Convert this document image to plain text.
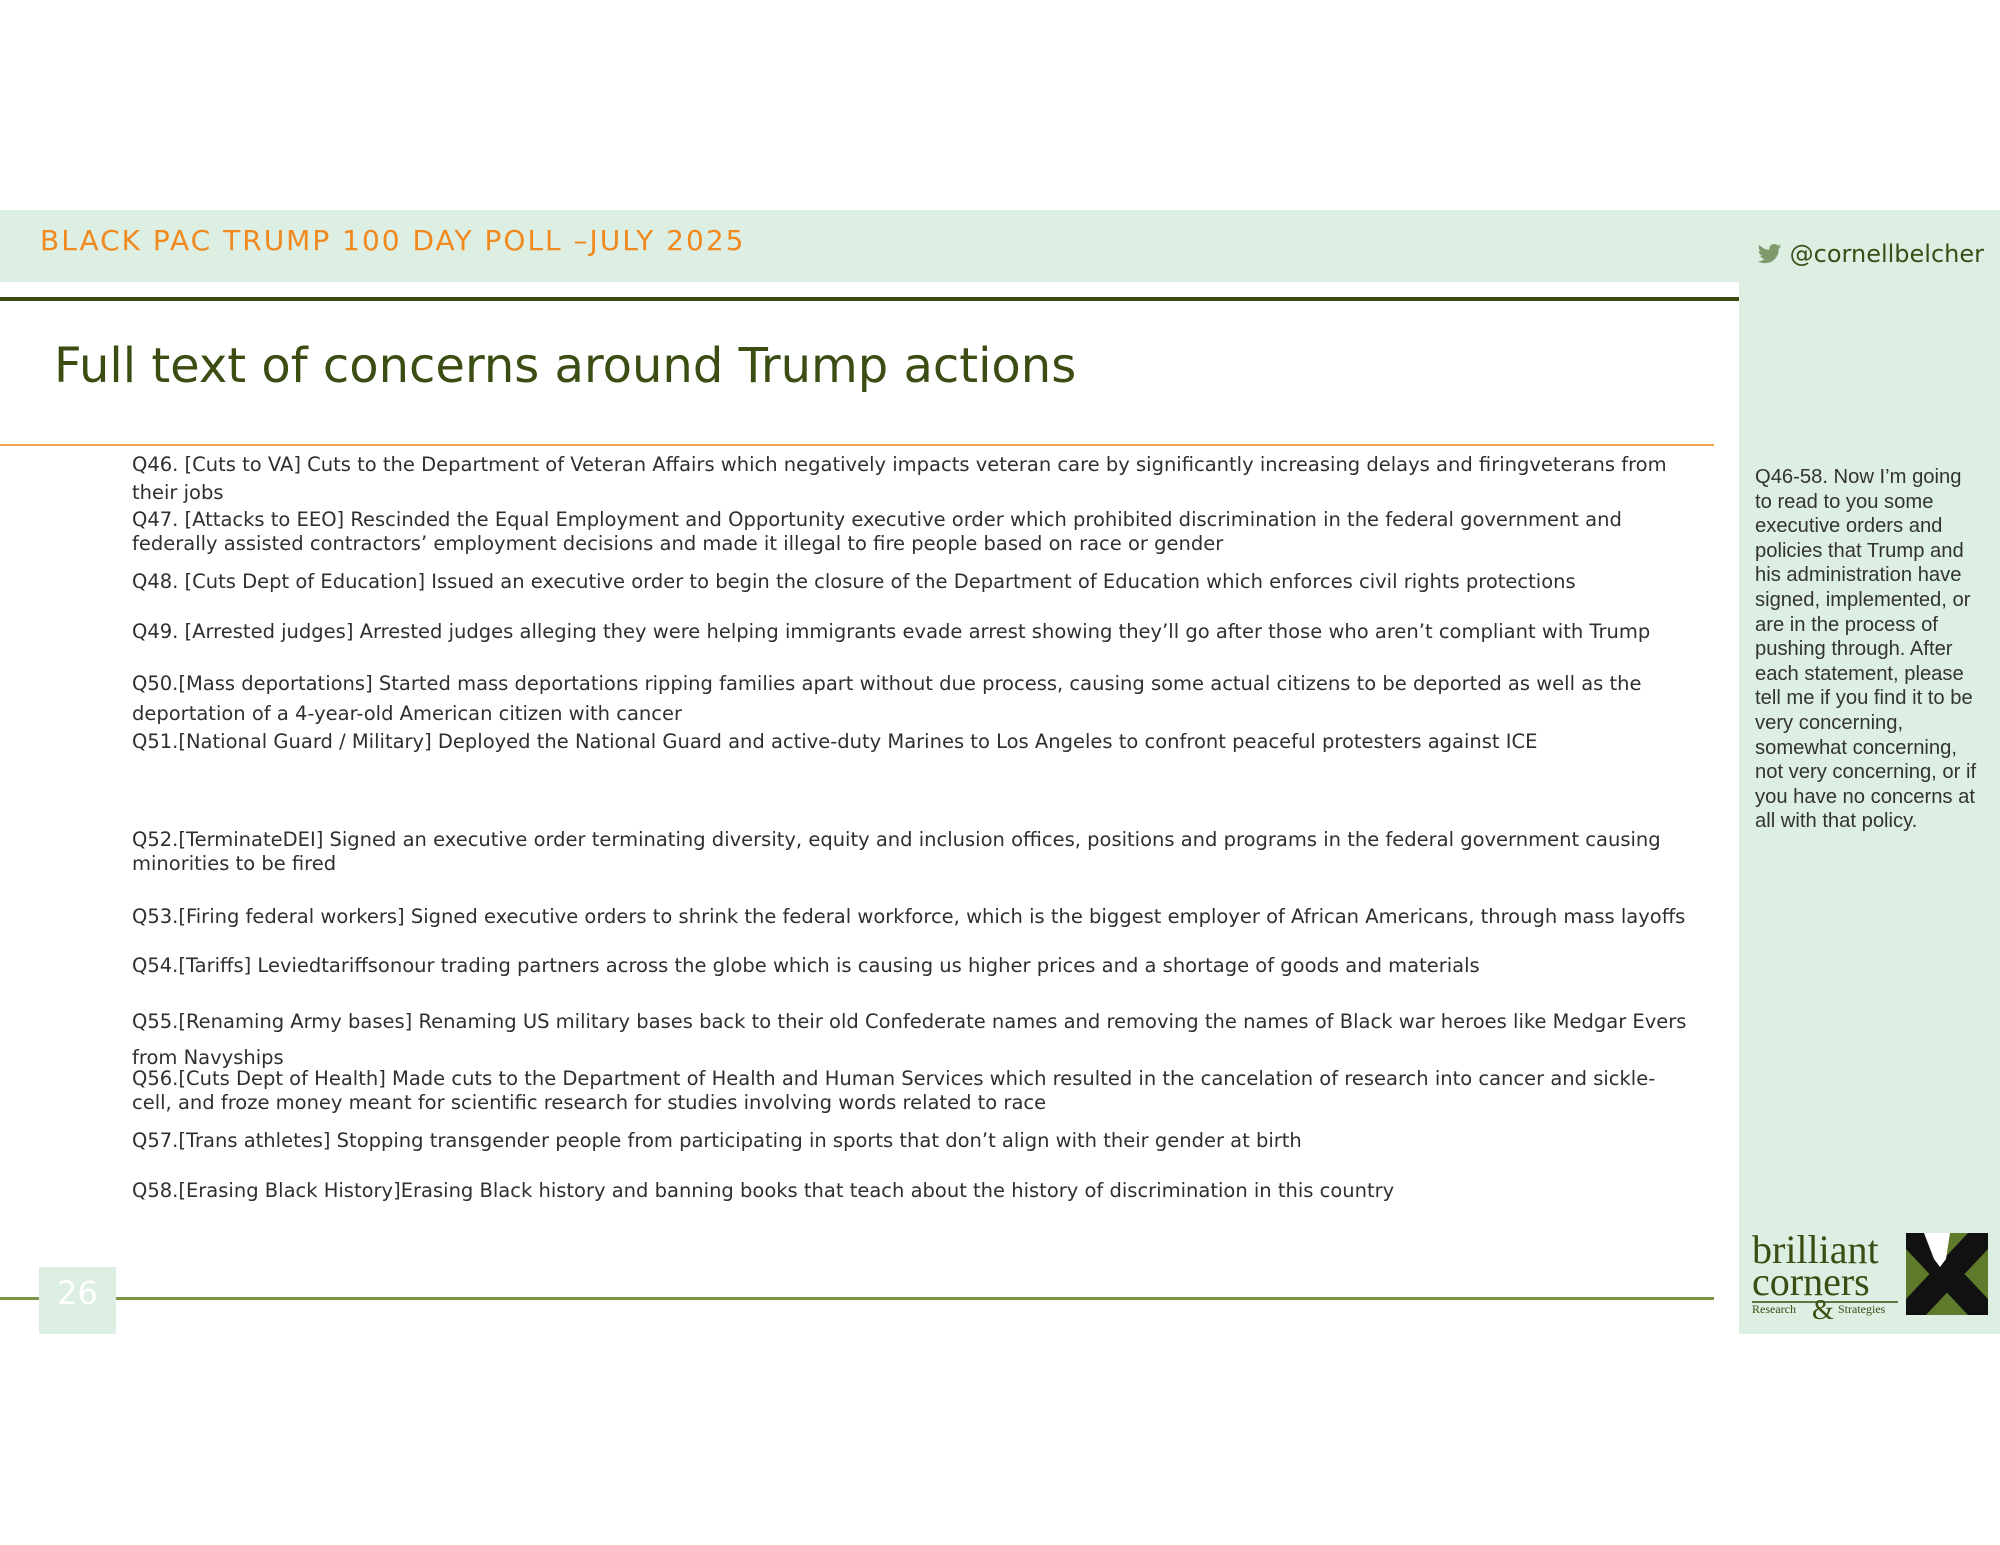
BLACK PAC TRUMP 100 DAY POLL –JULY 2025	@cornellbelcher
Q46-58. Now I’m going to read to you some executive orders and policies that Trump and his administration have signed, implemented, or are in the process of pushing through. After each statement, please tell me if you find it to be very concerning, somewhat concerning, not very concerning, or if you have no concerns at all with that policy.
Full text of concerns around Trump actions
Q46. [Cuts to VA] Cuts to the Department of Veteran Affairs which negatively impacts veteran care by significantly increasing delays and firingveterans from their jobs
Q47. [Attacks to EEO] Rescinded the Equal Employment and Opportunity executive order which prohibited discrimination in the federal government and federally assisted contractors’ employment decisions and made it illegal to fire people based on race or gender
Q48. [Cuts Dept of Education] Issued an executive order to begin the closure of the Department of Education which enforces civil rights protections
Q49. [Arrested judges] Arrested judges alleging they were helping immigrants evade arrest showing they’ll go after those who aren’t compliant with Trump
Q50.[Mass deportations] Started mass deportations ripping families apart without due process, causing some actual citizens to be deported as well as the deportation of a 4-year-old American citizen with cancer
Q51.[National Guard / Military] Deployed the National Guard and active-duty Marines to Los Angeles to confront peaceful protesters against ICE
Q52.[TerminateDEI] Signed an executive order terminating diversity, equity and inclusion offices, positions and programs in the federal government causing minorities to be fired
Q53.[Firing federal workers] Signed executive orders to shrink the federal workforce, which is the biggest employer of African Americans, through mass layoffs
Q54.[Tariffs] Leviedtariffsonour trading partners across the globe which is causing us higher prices and a shortage of goods and materials
Q55.[Renaming Army bases] Renaming US military bases back to their old Confederate names and removing the names of Black war heroes like Medgar Evers from Navyships
Q56.[Cuts Dept of Health] Made cuts to the Department of Health and Human Services which resulted in the cancelation of research into cancer and sickle-cell, and froze money meant for scientific research for studies involving words related to race
Q57.[Trans athletes] Stopping transgender people from participating in sports that don’t align with their gender at birth
Q58.[Erasing Black History]Erasing Black history and banning books that teach about the history of discrimination in this country
26
brilliant
corners
Research & Strategies
